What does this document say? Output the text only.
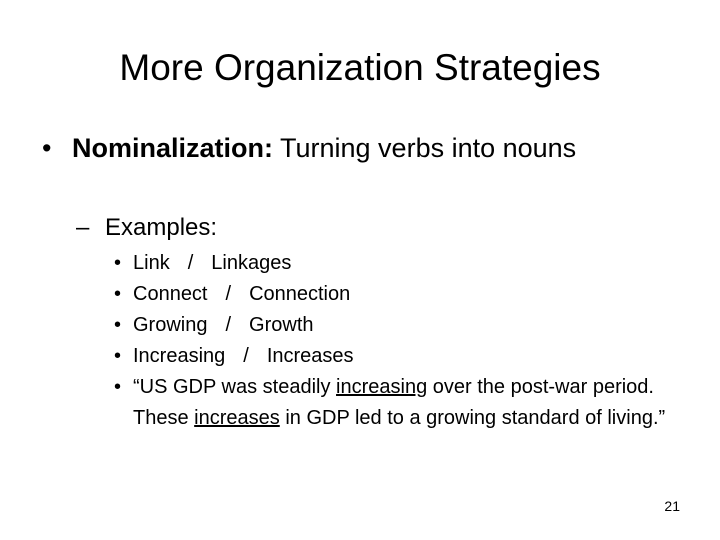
More Organization Strategies
• Nominalization: Turning verbs into nouns
– Examples:
• Link / Linkages
• Connect / Connection
• Growing / Growth
• Increasing / Increases
• “US GDP was steadily increasing over the post-war period.  These increases in GDP led to a growing standard of living.”
21
